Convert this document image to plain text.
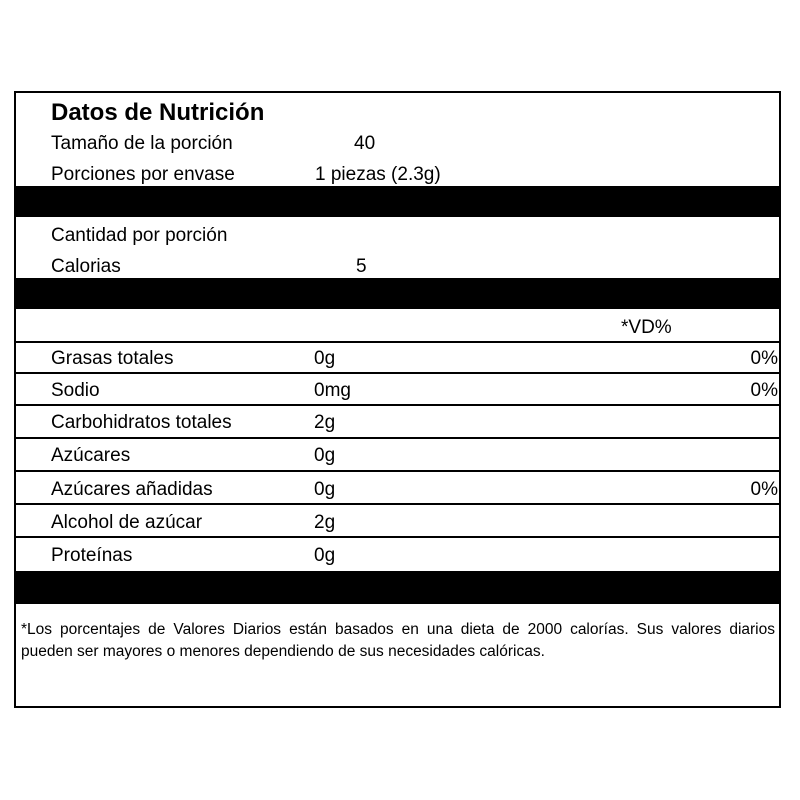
Datos de Nutrición
Tamaño de la porción	40
Porciones por envase	1 piezas (2.3g)
Cantidad por porción
Calorias	5
*VD%
Grasas totales	0g	0%
Sodio	0mg	0%
Carbohidratos totales	2g
Azúcares	0g
Azúcares añadidas	0g	0%
Alcohol de azúcar	2g
Proteínas	0g
*Los porcentajes de Valores Diarios están basados en una dieta de 2000 calorías. Sus valores diarios pueden ser mayores o menores dependiendo de sus necesidades calóricas.
